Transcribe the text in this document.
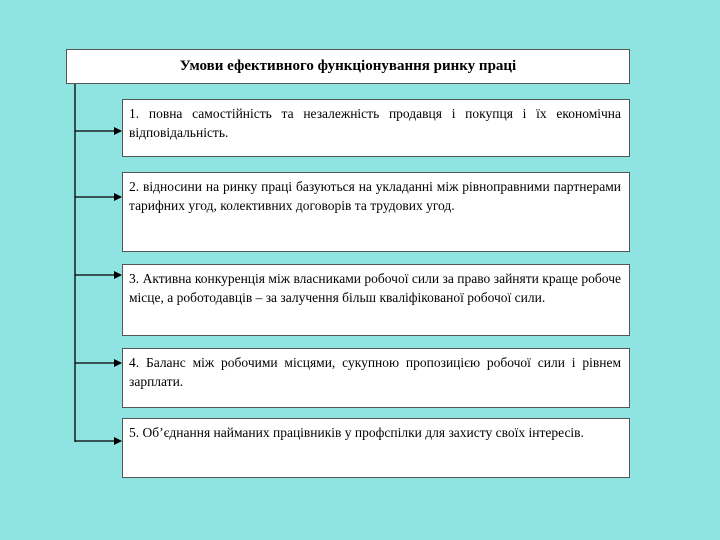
Умови ефективного функціонування ринку праці
1. повна самостійність та незалежність продавця і покупця і їх економічна відповідальність.
2. відносини на ринку праці базуються на укладанні між рівноправними партнерами тарифних угод, колективних договорів та трудових угод.
3. Активна конкуренція між власниками робочої сили за право зайняти краще робоче місце, а роботодавців – за залучення більш кваліфікованої робочої сили.
4. Баланс між робочими місцями, сукупною пропозицією робочої сили і рівнем зарплати.
5. Об’єднання найманих працівників у профспілки для захисту своїх інтересів.
